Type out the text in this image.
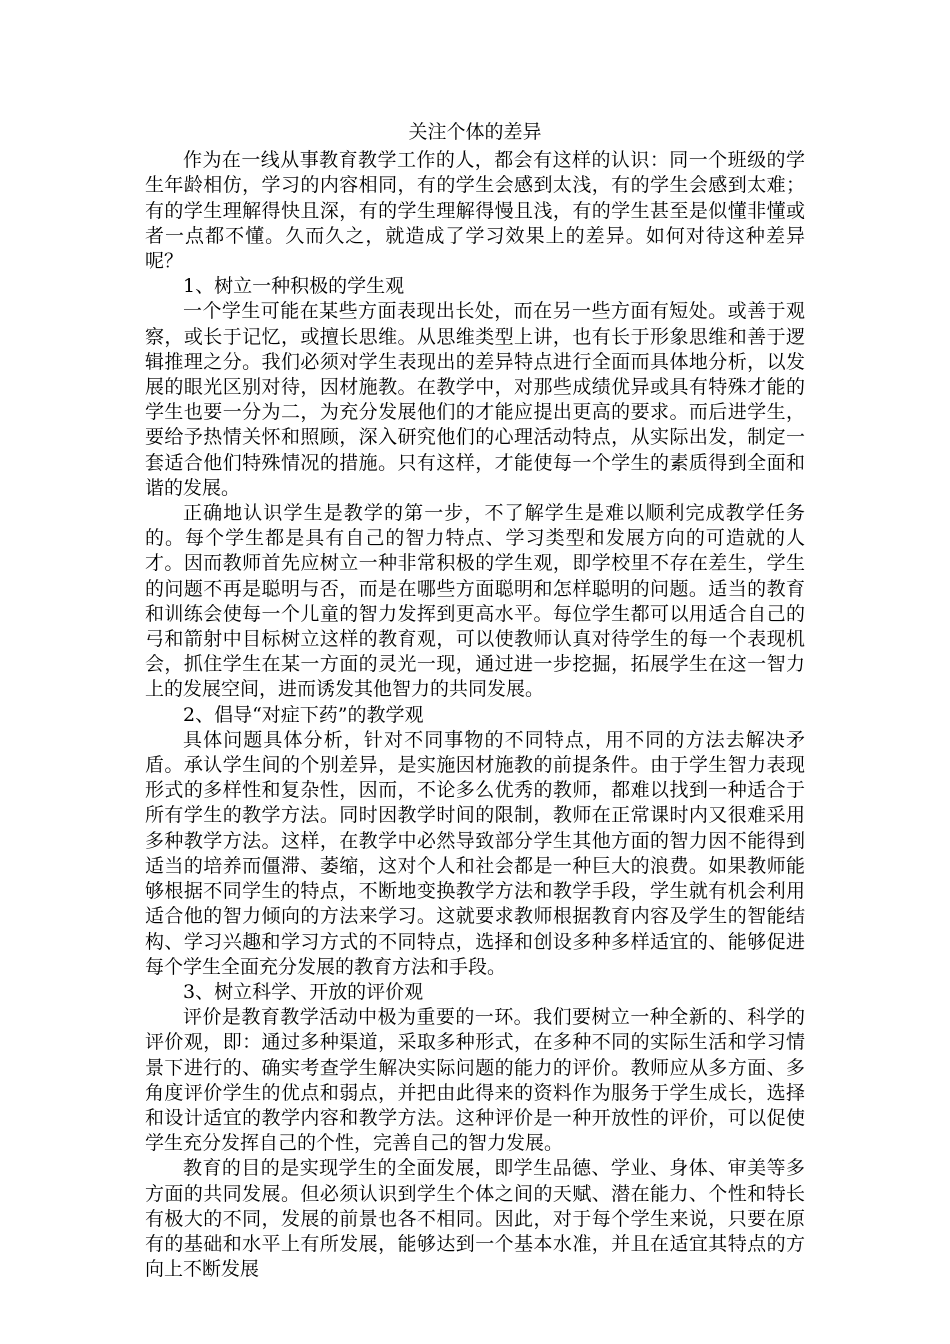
关注个体的差异

作为在一线从事教育教学工作的人，都会有这样的认识：同一个班级的学生年龄相仿，学习的内容相同，有的学生会感到太浅，有的学生会感到太难；有的学生理解得快且深，有的学生理解得慢且浅，有的学生甚至是似懂非懂或者一点都不懂。久而久之，就造成了学习效果上的差异。如何对待这种差异呢？

1、树立一种积极的学生观

一个学生可能在某些方面表现出长处，而在另一些方面有短处。或善于观察，或长于记忆，或擅长思维。从思维类型上讲，也有长于形象思维和善于逻辑推理之分。我们必须对学生表现出的差异特点进行全面而具体地分析，以发展的眼光区别对待，因材施教。在教学中，对那些成绩优异或具有特殊才能的学生也要一分为二，为充分发展他们的才能应提出更高的要求。而后进学生，要给予热情关怀和照顾，深入研究他们的心理活动特点，从实际出发，制定一套适合他们特殊情况的措施。只有这样，才能使每一个学生的素质得到全面和谐的发展。

正确地认识学生是教学的第一步，不了解学生是难以顺利完成教学任务的。每个学生都是具有自己的智力特点、学习类型和发展方向的可造就的人才。因而教师首先应树立一种非常积极的学生观，即学校里不存在差生，学生的问题不再是聪明与否，而是在哪些方面聪明和怎样聪明的问题。适当的教育和训练会使每一个儿童的智力发挥到更高水平。每位学生都可以用适合自己的弓和箭射中目标树立这样的教育观，可以使教师认真对待学生的每一个表现机会，抓住学生在某一方面的灵光一现，通过进一步挖掘，拓展学生在这一智力上的发展空间，进而诱发其他智力的共同发展。

2、倡导“对症下药”的教学观

具体问题具体分析，针对不同事物的不同特点，用不同的方法去解决矛盾。承认学生间的个别差异，是实施因材施教的前提条件。由于学生智力表现形式的多样性和复杂性，因而，不论多么优秀的教师，都难以找到一种适合于所有学生的教学方法。同时因教学时间的限制，教师在正常课时内又很难采用多种教学方法。这样，在教学中必然导致部分学生其他方面的智力因不能得到适当的培养而僵滞、萎缩，这对个人和社会都是一种巨大的浪费。如果教师能够根据不同学生的特点，不断地变换教学方法和教学手段，学生就有机会利用适合他的智力倾向的方法来学习。这就要求教师根据教育内容及学生的智能结构、学习兴趣和学习方式的不同特点，选择和创设多种多样适宜的、能够促进每个学生全面充分发展的教育方法和手段。

3、树立科学、开放的评价观

评价是教育教学活动中极为重要的一环。我们要树立一种全新的、科学的评价观，即：通过多种渠道，采取多种形式，在多种不同的实际生活和学习情景下进行的、确实考查学生解决实际问题的能力的评价。教师应从多方面、多角度评价学生的优点和弱点，并把由此得来的资料作为服务于学生成长，选择和设计适宜的教学内容和教学方法。这种评价是一种开放性的评价，可以促使学生充分发挥自己的个性，完善自己的智力发展。

教育的目的是实现学生的全面发展，即学生品德、学业、身体、审美等多方面的共同发展。但必须认识到学生个体之间的天赋、潜在能力、个性和特长有极大的不同，发展的前景也各不相同。因此，对于每个学生来说，只要在原有的基础和水平上有所发展，能够达到一个基本水准，并且在适宜其特点的方向上不断发展
